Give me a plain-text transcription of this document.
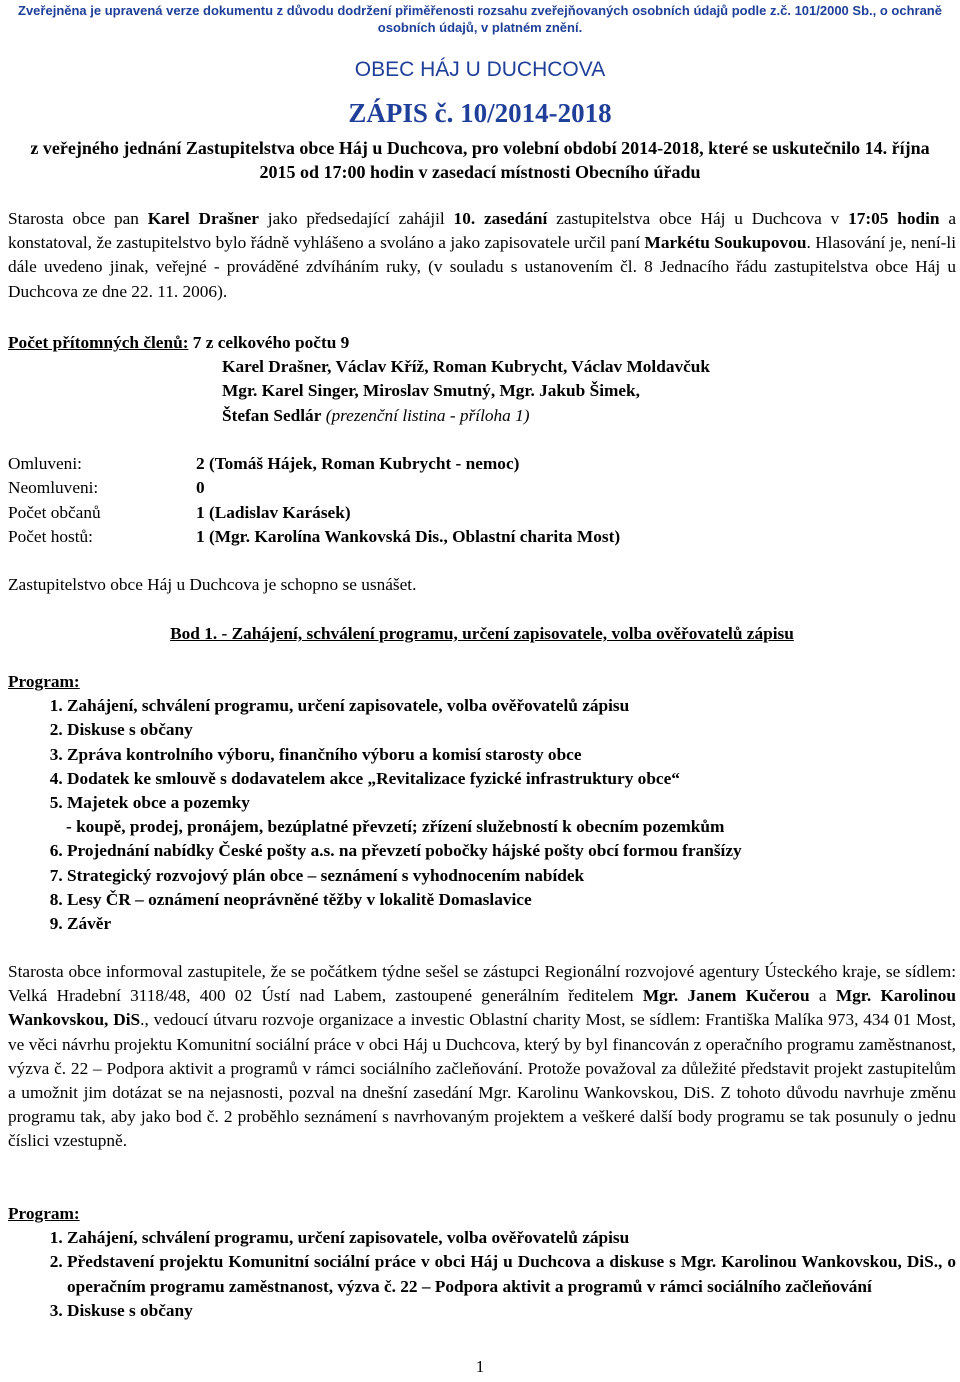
Zveřejněna je upravená verze dokumentu z důvodu dodržení přiměřenosti rozsahu zveřejňovaných osobních údajů podle z.č. 101/2000 Sb., o ochraně osobních údajů, v platném znění.
OBEC HÁJ U DUCHCOVA
ZÁPIS č. 10/2014-2018
z veřejného jednání Zastupitelstva obce Háj u Duchcova, pro volební období 2014-2018, které se uskutečnilo 14. října 2015 od 17:00 hodin v zasedací místnosti Obecního úřadu
Starosta obce pan Karel Drašner jako předsedající zahájil 10. zasedání zastupitelstva obce Háj u Duchcova v 17:05 hodin a konstatoval, že zastupitelstvo bylo řádně vyhlášeno a svoláno a jako zapisovatele určil paní Markétu Soukupovou. Hlasování je, není-li dále uvedeno jinak, veřejné - prováděné zdvíháním ruky, (v souladu s ustanovením čl. 8 Jednacího řádu zastupitelstva obce Háj u Duchcova ze dne 22. 11. 2006).
Počet přítomných členů: 7 z celkového počtu 9
Karel Drašner, Václav Kříž, Roman Kubrycht, Václav Moldavčuk
Mgr. Karel Singer, Miroslav Smutný, Mgr. Jakub Šimek,
Štefan Sedlár (prezenční listina - příloha 1)
Omluveni:	2 (Tomáš Hájek, Roman Kubrycht - nemoc)
Neomluveni:	0
Počet občanů	1 (Ladislav Karásek)
Počet hostů:	1 (Mgr. Karolína Wankovská Dis. , Oblastní charita Most)
Zastupitelstvo obce Háj u Duchcova je schopno se usnášet.
Bod 1. - Zahájení, schválení programu, určení zapisovatele, volba ověřovatelů zápisu
Program:
1. Zahájení, schválení programu, určení zapisovatele, volba ověřovatelů zápisu
2. Diskuse s občany
3. Zpráva kontrolního výboru, finančního výboru a komisí starosty obce
4. Dodatek ke smlouvě s dodavatelem akce „Revitalizace fyzické infrastruktury obce“
5. Majetek obce a pozemky
- koupě, prodej, pronájem, bezúplatné převzetí; zřízení služebností k obecním pozemkům
6. Projednání nabídky České pošty a.s. na převzetí pobočky hájské pošty obcí formou franšízy
7. Strategický rozvojový plán obce – seznámení s vyhodnocením nabídek
8. Lesy ČR – oznámení neoprávněné těžby v lokalitě Domaslavice
9. Závěr
Starosta obce informoval zastupitele, že se počátkem týdne sešel se zástupci Regionální rozvojové agentury Ústeckého kraje, se sídlem: Velká Hradební 3118/48, 400 02 Ústí nad Labem, zastoupené generálním ředitelem Mgr. Janem Kučerou a Mgr. Karolinou Wankovskou, DiS., vedoucí útvaru rozvoje organizace a investic Oblastní charity Most, se sídlem: Františka Malíka 973, 434 01 Most, ve věci návrhu projektu Komunitní sociální práce v obci Háj u Duchcova, který by byl financován z operačního programu zaměstnanost, výzva č. 22 – Podpora aktivit a programů v rámci sociálního začleňování. Protože považoval za důležité představit projekt zastupitelům a umožnit jim dotázat se na nejasnosti, pozval na dnešní zasedání Mgr. Karolinu Wankovskou, DiS. Z tohoto důvodu navrhuje změnu programu tak, aby jako bod č. 2 proběhlo seznámení s navrhovaným projektem a veškeré další body programu se tak posunuly o jednu číslici vzestupně.
Program:
1. Zahájení, schválení programu, určení zapisovatele, volba ověřovatelů zápisu
2. Představení projektu Komunitní sociální práce v obci Háj u Duchcova a diskuse s Mgr. Karolinou Wankovskou, DiS., o operačním programu zaměstnanost, výzva č. 22 – Podpora aktivit a programů v rámci sociálního začleňování
3. Diskuse s občany
1
